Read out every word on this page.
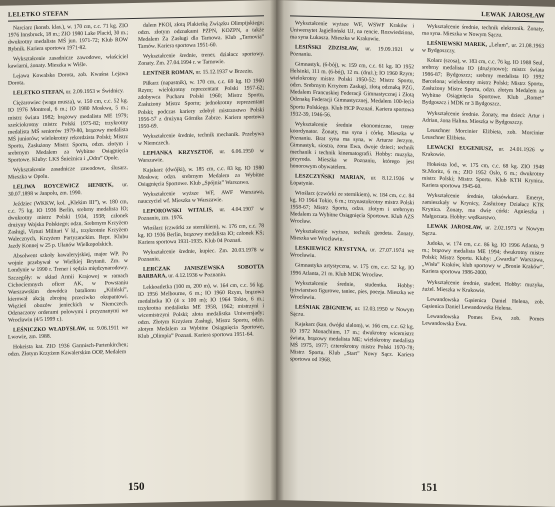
LELETKO STEFAN

Narciarz (konsb. klas.), w. 170 cm, c.c. 71 kg. ZIO 1976 Innsbruck, 18 m.; ZIO 1980 Lake Placid, 30 m.; dwukrotny medalista MŚ jun. 1971-72; Klub ROW Rybnik. Kariera sportowa 1971-82.

Wykształcenie zasadnicze zawodowe, właściciel kawiarni, żonaty. Mieszka w Wiśle.

Lejawa Kowalska Dorota, zob. Kwaśna Lejawa Dorota.

LELETKO STEFAN, ur. 2.09.1953 w Świdnicy.

Ciężarowiec (waga musza), w. 150 cm, c.c. 52 kg. IO 1976 Montreal, 6 m.; IO 1980 Moskwa, 5 m.; mistrz świata 1982; brązowy medalista ME 1979; sześciokrotny mistrz Polski 1975-82; trzykrotny medalista MŚ seniorów 1979-80, brązowy medalista MŚ juniorów; wielokrotny rekordzista Polski; Mistrz Sportu, Zasłużony Mistrz Sportu, odzn. złotym i srebrnym Medalem za Wybitne Osiągnięcia Sportowe. Kluby: LKS Śnieżnica i „Odra” Opole.

Wykształcenie zasadnicze zawodowe, ślusarz. Mieszka w Opolu.

LELIWA ROYCEWICZ HENRYK, ur. 30.07.1898 w Janpolu, zm. 1990.

Jeździec (WKKW, kol. „Klekim III”), w. 180 cm, c.c. 75 kg. IO 1936 Berlin, srebrny medalista IO; dwukrotny mistrz Polski 1934, 1938; członek drużyny Wojska Polskiego; odzn. Srebrnym Krzyżem Zasługi, Virtuti Militari V kl., trzykrotnie Krzyżem Walecznych, Krzyżem Partyzanckim. Repr. Klubu Jazdy Konnej w 25 p. Ułanów Wielkopolskich.

Absolwent szkoły kawaleryjskiej, major WP. Po wojnie przebywał w Wielkiej Brytanii. Zm. w Londynie w 1990 r. Trener i sędzia międzynarodowy. Szczegóły: w skład Armii Krajowej w ramach Cichociemnych oficer AK, w Powstaniu Warszawskim dowódca batalionu „Kiliński”, kierował akcją zbrojną przeciwko okupantowi. Więzień obozów jenieckich w Niemczech. Odznaczony orderami polowymi i przyznanymi we Wrocławiu (4/5 1999 r.).

LEŚNICZKO WŁADYSŁAW, ur. 9.06.1911 we Lwowie, zm. 1988.

Hokeista kat. ZIO 1936 Garmisch-Partenkirchen; odzn. Złotym Krzyżem Kawalerskim OOP, Medalem

dalem PKOl, złotą Plakietką Związku Olimpijskiego; odzn. złotym odznakami PZPN, KOZPN, a także Medalem Za Zasługi dla Tarnowa. Klub „Tarnovia” Tarnów. Kariera sportowa 1951-60.

Wykształcenie średnie, trener, działacz sportowy. Zonaty. Zm. 27.04.1994 r. w Tarnowie.

LENTNER ROMAN, ur. 15.12.1937 w Brzeziu.

Piłkarz (napastnik), w. 170 cm, c.c. 69 kg. IO 1960 Rzym; wielokrotny reprezentant Polski 1957-62; zdobywca Pucharu Polski 1960; Mistrz Sportu, Zasłużony Mistrz Sportu; jednokrotny reprezentant Polski; podczas kariery zdobył mistrzostwo Polski 1956-57 z drużyną Górnika Zabrze. Kariera sportowa 1950-69.

Wykształcenie średnie, technik mechanik. Przebywa w Niemczech.

LEPIANKA KRZYSZTOF, ur. 6.06.1950 w Warszawie.

Kajakarz (dwójki), w. 185 cm, c.c. 83 kg. IO 1980 Moskwa; odzn. srebrnym Medalem za Wybitne Osiągnięcia Sportowe. Klub „Spójnia” Warszawa.

Wykształcenie wyższe WF, AWF Warszawa, nauczyciel wf. Mieszka w Warszawie.

LEPOROWSKI WITALIS, ur. 4.04.1907 w Poznaniu, zm. 1976.

Wioślarz (czwórki ze sternikiem), w. 176 cm, c.c. 78 kg. IO 1936 Berlin, brązowy medalista IO; członek KS; Kariera sportowa 1931-1935. Klub 04 Poznań.

Wykształcenie średnie, kupiec. Zm. 20.03.1978 w Poznaniu.

LERCZAK JANISZEWSKA SOBOTTA BARBARA, ur. 4.12.1936 w Poznaniu.

Lekkoatletka (100 m, 200 m), w. 164 cm, c.c. 56 kg. IO 1956 Melbourne, 6 m.; IO 1960 Rzym, brązowa medalistka IO (4 x 100 m); IO 1964 Tokio, 6 m.; trzykrotna medalistka ME 1958, 1962; mistrzyni i wicemistrzyni Polski; złota medalistka Uniwersjady; odzn. Złotym Krzyżem Zasługi, Mistrz Sportu, odzn. złotym Medalem za Wybitne Osiągnięcia Sportowe, Klub „Olimpia” Poznań. Kariera sportowa 1951-64.

150
LEWAK JAROSŁAW

Wykształcenie wyższe WF, WSWF Kraków i Uniwersytet Jagielloński UJ, na rencie. Rozwiedziona, ma syna Łukasza. Mieszka w Krakowie.

LESIŃSKI ZDZISŁAW, ur. 19.09.1921 w Poznaniu.

Gimnastyk, (6-bój), w. 159 cm, c.c. 61 kg. IO 1952 Helsinki, 111 m. (6-bój), 12 m. (druż.); IO 1960 Rzym; wielokrotny mistrz Polski 1950-52; Mistrz Sportu, odzn. Srebrnym Krzyżem Zasługi, złotą odznaką PZG, Medalem Francuskiej Federacji Gimnastycznej i Złotą Odznaką Federacji Gimnastycznej, Medalem 100-lecia Sportu Polskiego. Klub HCP Poznań. Kariera sportowa 1932-39, 1946-56.

Wykształcenie średnie ekonomiczne, trener koordynator. Żonaty, ma syna i córkę. Mieszka w Poznaniu. Brat syna ma syna, w Arturze Jerzym. Gimnastyk, siostra, żona Ewa, dwoje dzieci; technik mechanik i technik kinematografii. Hobby: muzyka, przyroda. Mieszka w Poznaniu, którego jest honorowym obywatelem.

LESZCZYŃSKI MARIAN, ur. 8.12.1936 w Łopatynie.

Wioślarz (czwórki ze sternikiem), w. 184 cm, c.c. 84 kg. IO 1964 Tokio, 6 m.; trzynastokrotny mistrz Polski 1958-67; Mistrz Sportu, odzn. złotym i srebrnym Medalem za Wybitne Osiągnięcia Sportowe. Klub AZS Wrocław.

Wykształcenie wyższe, technik geodeta. Żonaty. Mieszka we Wrocławiu.

LESKIEWICZ KRYSTYNA, ur. 27.07.1974 we Wrocławiu.

Gimnastyka artystyczna, w. 175 cm, c.c. 52 kg. IO 1996 Atlanta, 21 m. Klub MDK Wrocław.

Wykształcenie średnie, studentka. Hobby: łyżwiarstwo figurowe, taniec, pies, poezja. Mieszka we Wrocławiu.

LEŚNIAK ZBIGNIEW, ur. 12.03.1950 w Nowym Sączu.

Kajakarz (kan. dwójki slalom), w. 166 cm, c.c. 62 kg. IO 1972 Monachium, 17 m.; dwukrotny wicemistrz świata, brązowy medalista ME; wielokrotny medalista MŚ 1975, 1977; czterokrotny mistrz Polski 1970-78; Mistrz Sportu. Klub „Start” Nowy Sącz. Kariera sportowa od 1968.

Wykształcenie średnie, technik elektronik. Żonaty, ma syna. Mieszka w Nowym Sączu.

LEŚNIEWSKI MAREK, „Lelum”, ur. 21.08.1963 w Bydgoszczy.

Kolarz (szosa), w. 183 cm, c.c. 76 kg. IO 1988 Seul, srebrny medalista IO (drużynowo); mistrz świata 1986-87; Bydgoszcz; srebrny medalista IO 1992 Barcelona; wielokrotny mistrz Polski; Mistrz Sportu, Zasłużony Mistrz Sportu, odzn. złotym Medalem za Wybitne Osiągnięcia Sportowe. Klub „Romet” Bydgoszcz i MDK nr 3 Bydgoszcz.

Wykształcenie średnie. Żonaty, ma dzieci: Artur i Adrian, żona Halina. Mieszka w Bydgoszczy.

Leuschner Morcinier Elżbieta, zob. Morcinier Leuschner Elżbieta.

LEWACKI EUGENIUSZ, ur. 24.01.1926 w Krakowie.

Hokeista lod., w. 175 cm, c.c. 68 kg. ZIO 1948 St.Moritz, 6 m.; ZIO 1952 Oslo, 6 m.; dwukrotny mistrz Polski; Mistrz Sportu. Klub KTH Krynica. Kariera sportowa 1945-60.

Wykształcenie średnie, taksówkarz. Emeryt, zamieszkały w Krynicy, Zasłużony Działacz KTK Krynica. Żonaty, ma dwie córki: Agnieszka i Małgorzata. Hobby: wędkarstwo.

LEWAK JAROSŁAW, ur. 2.02.1973 w Nowym Sączu.

Judoka, w. 174 cm, c.c. 86 kg. IO 1996 Atlanta, 9 m.; brązowy medalista ME 1994; dwukrotny mistrz Polski; Mistrz Sportu. Kluby: „Gwardia” Warszawa, „Wisła” Kraków, klub sportowy w „Bronie Kraków”. Kariera sportowa 1986-2000.

Wykształcenie średnie, student. Hobby: muzyka, żużel. Mieszka w Krakowie.

Lewandowska Gąsienica Daniel Helena, zob. Gąsienica Daniel Lewandowska Helena.

Lewandowska Pomes Ewa, zob. Pomes Lewandowska Ewa.

151
